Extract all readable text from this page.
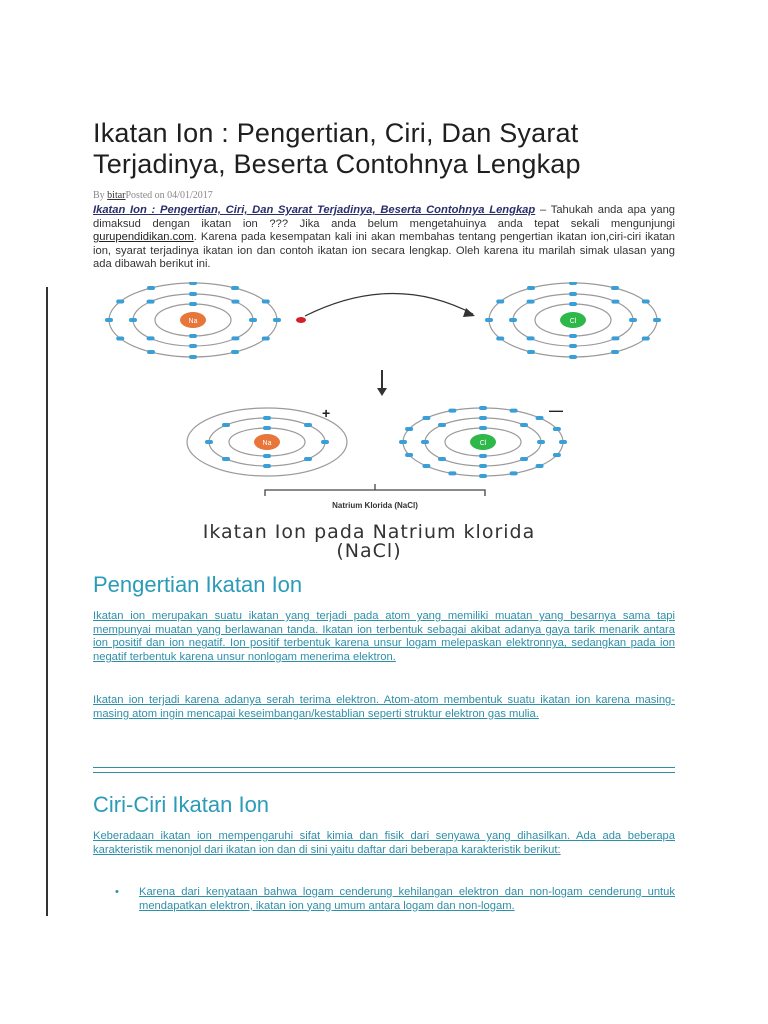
Ikatan Ion : Pengertian, Ciri, Dan Syarat Terjadinya, Beserta Contohnya Lengkap
By bitarPosted on 04/01/2017

Ikatan Ion : Pengertian, Ciri, Dan Syarat Terjadinya, Beserta Contohnya Lengkap – Tahukah anda apa yang dimaksud dengan ikatan ion ??? Jika anda belum mengetahuinya anda tepat sekali mengunjungi gurupendidikan.com. Karena pada kesempatan kali ini akan membahas tentang pengertian ikatan ion,ciri-ciri ikatan ion, syarat terjadinya ikatan ion dan contoh ikatan ion secara lengkap. Oleh karena itu marilah simak ulasan yang ada dibawah berikut ini.

Na	Cl
Na	Cl
+	—
Natrium Klorida (NaCl)
Ikatan Ion pada Natrium klorida
(NaCl)
Pengertian Ikatan Ion

Ikatan ion merupakan suatu ikatan yang terjadi pada atom yang memiliki muatan yang besarnya sama tapi mempunyai muatan yang berlawanan tanda. Ikatan ion terbentuk sebagai akibat adanya gaya tarik menarik antara ion positif dan ion negatif. Ion positif terbentuk karena unsur logam melepaskan elektronnya, sedangkan pada ion negatif terbentuk karena unsur nonlogam menerima elektron.

Ikatan ion terjadi karena adanya serah terima elektron. Atom-atom membentuk suatu ikatan ion karena masing-masing atom ingin mencapai keseimbangan/kestablian seperti struktur elektron gas mulia.

Ciri-Ciri Ikatan Ion

Keberadaan ikatan ion mempengaruhi sifat kimia dan fisik dari senyawa yang dihasilkan. Ada ada beberapa karakteristik menonjol dari ikatan ion dan di sini yaitu daftar dari beberapa karakteristik berikut:

• Karena dari kenyataan bahwa logam cenderung kehilangan elektron dan non-logam cenderung untuk mendapatkan elektron, ikatan ion yang umum antara logam dan non-logam.
